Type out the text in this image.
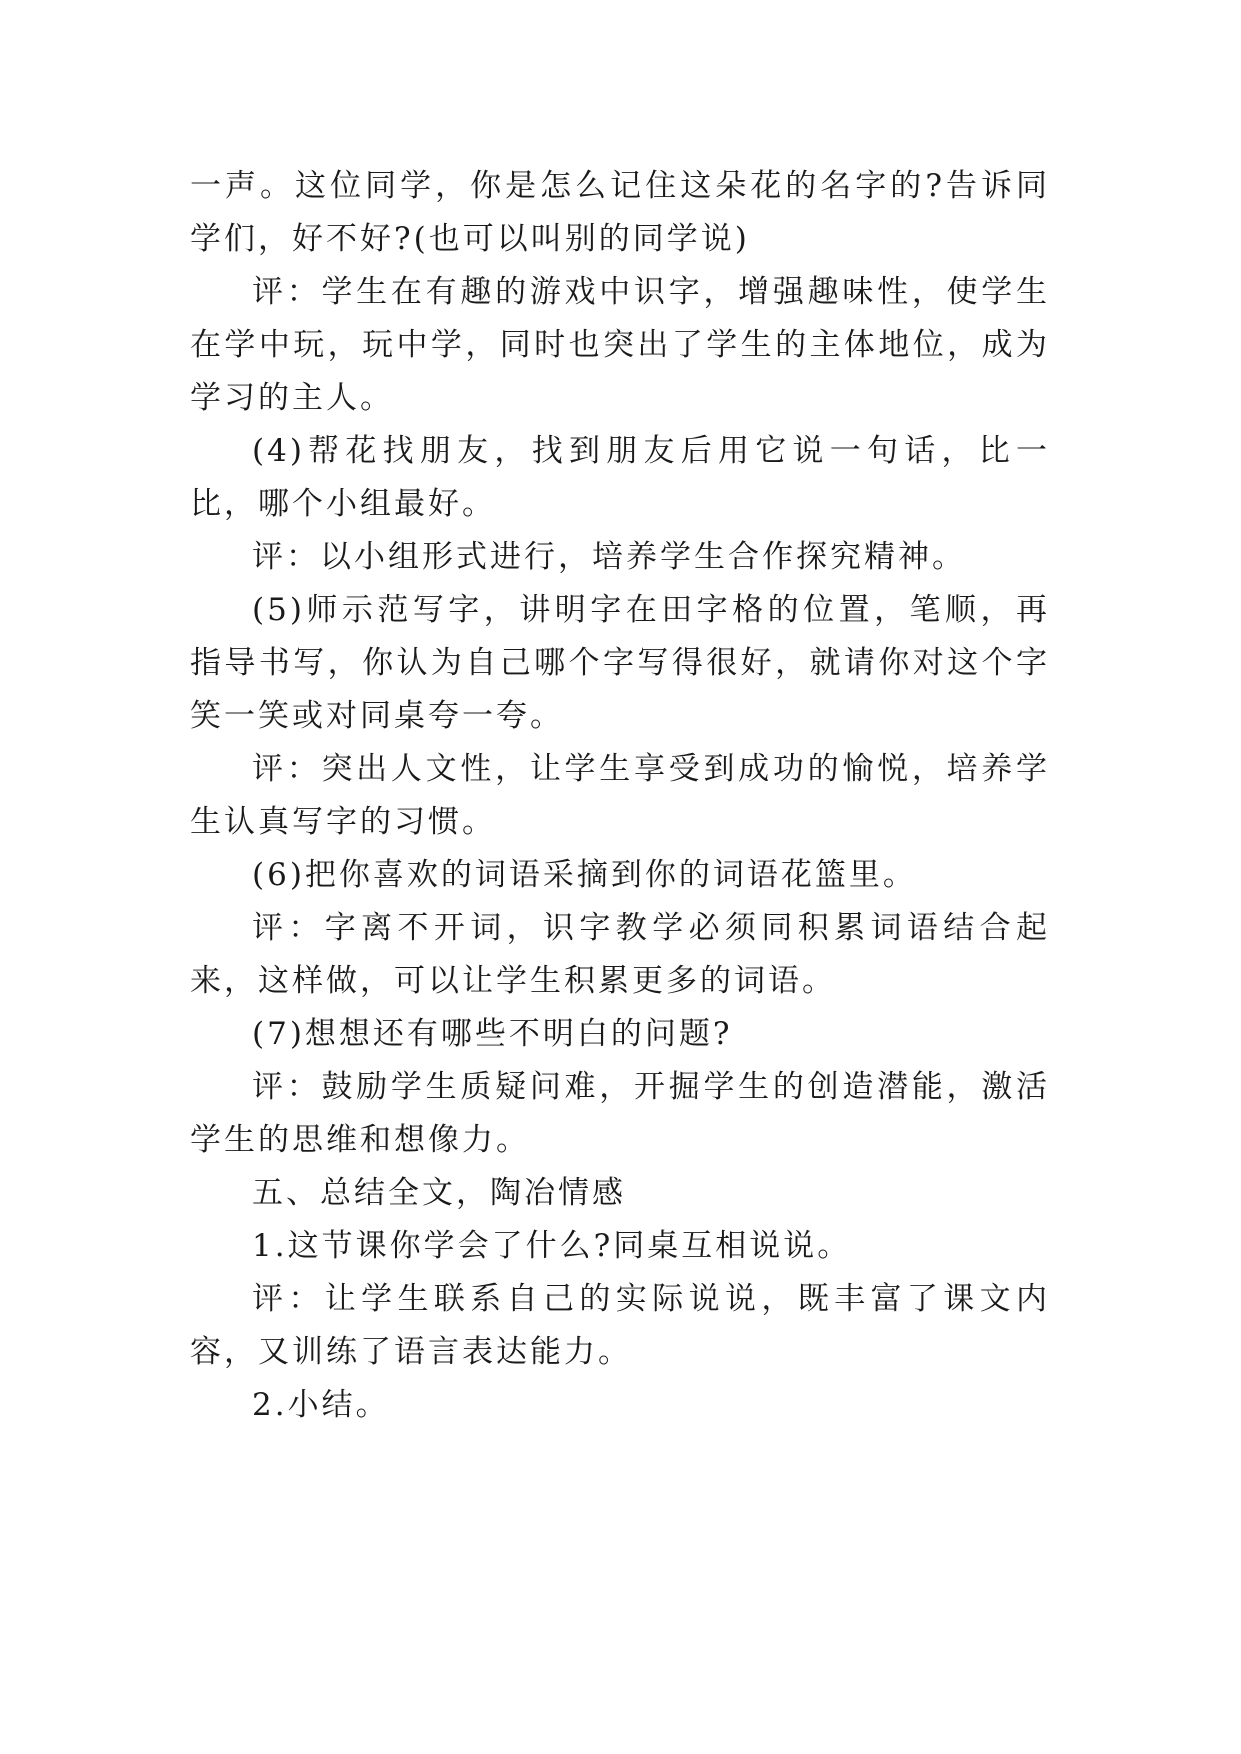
一声。这位同学，你是怎么记住这朵花的名字的?告诉同学们，好不好?(也可以叫别的同学说)

评：学生在有趣的游戏中识字，增强趣味性，使学生在学中玩，玩中学，同时也突出了学生的主体地位，成为学习的主人。

(4)帮花找朋友，找到朋友后用它说一句话，比一比，哪个小组最好。

评：以小组形式进行，培养学生合作探究精神。

(5)师示范写字，讲明字在田字格的位置，笔顺，再指导书写，你认为自己哪个字写得很好，就请你对这个字笑一笑或对同桌夸一夸。

评：突出人文性，让学生享受到成功的愉悦，培养学生认真写字的习惯。

(6)把你喜欢的词语采摘到你的词语花篮里。

评：字离不开词，识字教学必须同积累词语结合起来，这样做，可以让学生积累更多的词语。

(7)想想还有哪些不明白的问题?

评：鼓励学生质疑问难，开掘学生的创造潜能，激活学生的思维和想像力。

五、总结全文，陶冶情感

1.这节课你学会了什么?同桌互相说说。

评：让学生联系自己的实际说说，既丰富了课文内容，又训练了语言表达能力。

2.小结。
